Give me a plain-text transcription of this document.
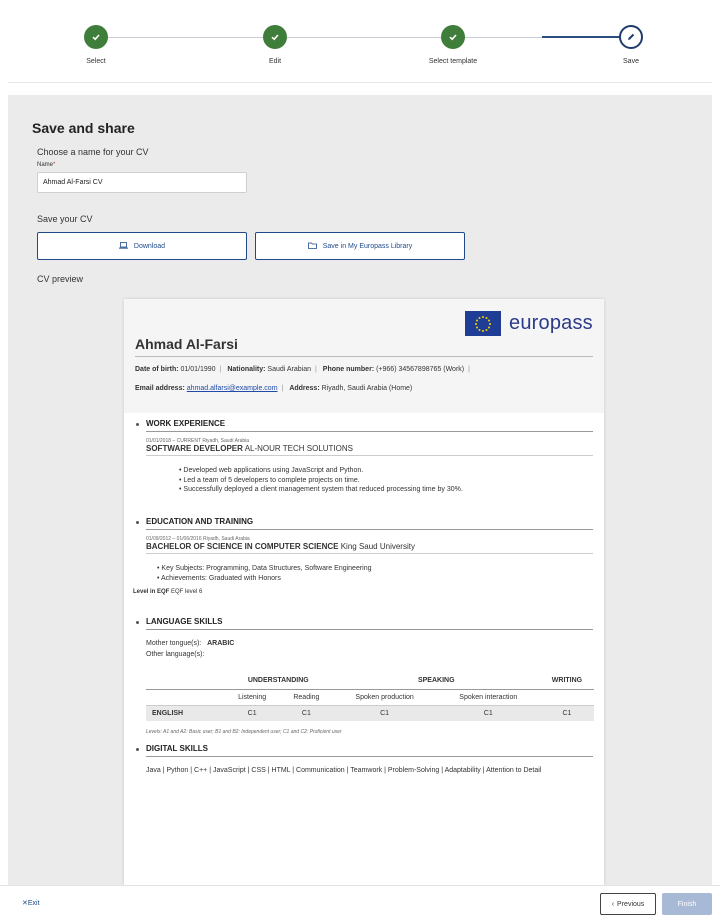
Select	Edit	Select template	Save
Save and share
Choose a name for your CV
Name*
Ahmad Al-Farsi CV
Save your CV
Download	Save in My Europass Library
CV preview
europass
Ahmad Al-Farsi
Date of birth: 01/01/1990 | Nationality: Saudi Arabian | Phone number: (+966) 34567898765 (Work) |
Email address: ahmad.alfarsi@example.com | Address: Riyadh, Saudi Arabia (Home)
WORK EXPERIENCE
01/01/2018 – CURRENT Riyadh, Saudi Arabia
SOFTWARE DEVELOPER AL-NOUR TECH SOLUTIONS
• Developed web applications using JavaScript and Python.
• Led a team of 5 developers to complete projects on time.
• Successfully deployed a client management system that reduced processing time by 30%.
EDUCATION AND TRAINING
01/09/2012 – 01/06/2016 Riyadh, Saudi Arabia
BACHELOR OF SCIENCE IN COMPUTER SCIENCE King Saud University
• Key Subjects: Programming, Data Structures, Software Engineering
• Achievements: Graduated with Honors
Level in EQF EQF level 6
LANGUAGE SKILLS
Mother tongue(s): ARABIC
Other language(s):
	UNDERSTANDING		SPEAKING		WRITING
	Listening	Reading	Spoken production	Spoken interaction	
ENGLISH	C1	C1	C1	C1	C1
Levels: A1 and A2: Basic user; B1 and B2: Independent user; C1 and C2: Proficient user
DIGITAL SKILLS
Java | Python | C++ | JavaScript | CSS | HTML | Communication | Teamwork | Problem-Solving | Adaptability | Attention to Detail
✕Exit	‹ Previous	Finish
